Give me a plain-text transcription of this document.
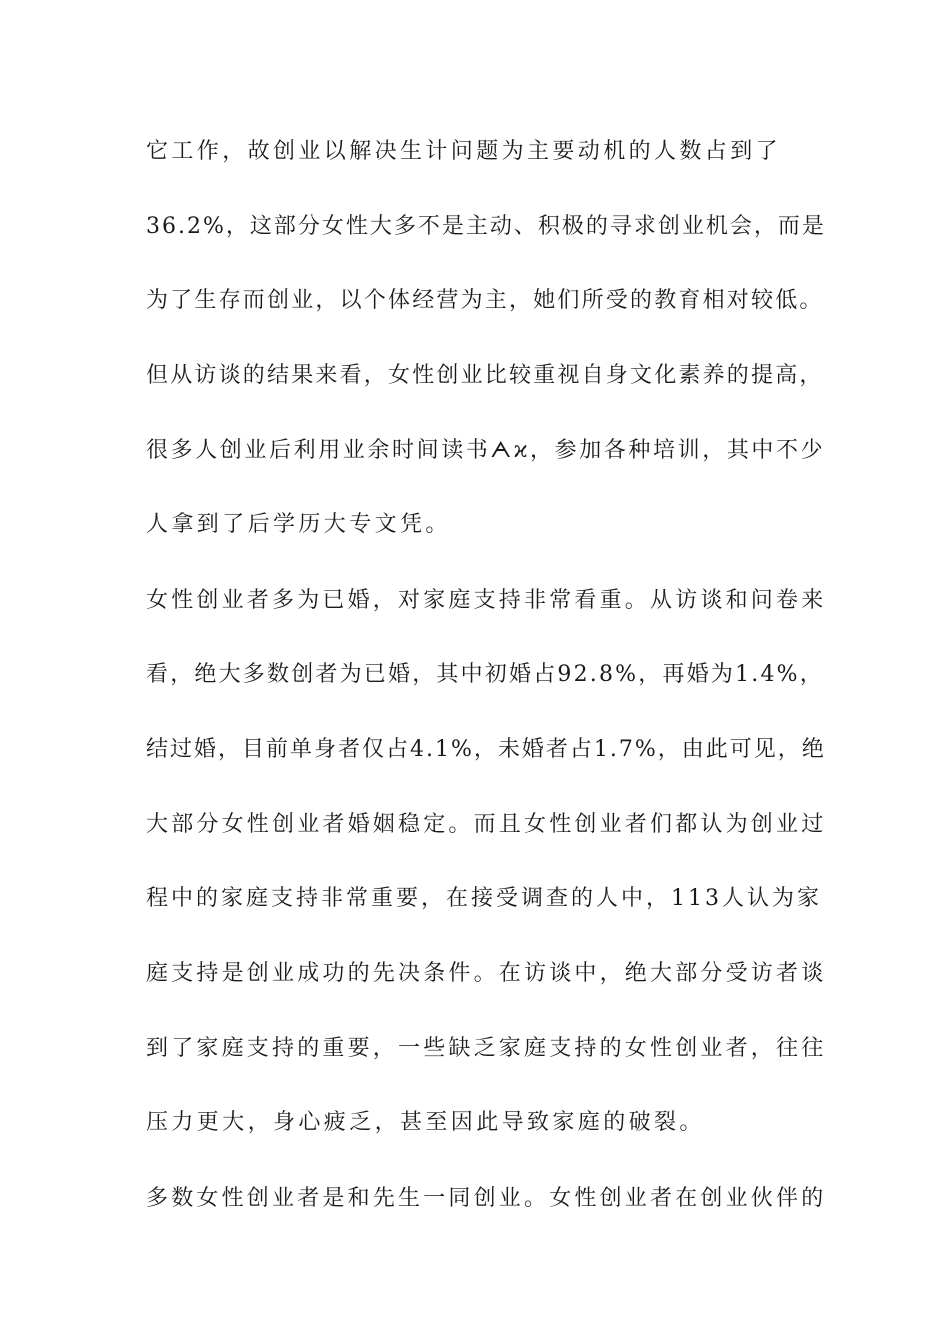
它工作，故创业以解决生计问题为主要动机的人数占到了
36.2%，这部分女性大多不是主动、积极的寻求创业机会，而是
为了生存而创业，以个体经营为主，她们所受的教育相对较低。
但从访谈的结果来看，女性创业比较重视自身文化素养的提高，
很多人创业后利用业余时间读书ᗅϰ，参加各种培训，其中不少
人拿到了后学历大专文凭。
女性创业者多为已婚，对家庭支持非常看重。从访谈和问卷来
看，绝大多数创者为已婚，其中初婚占92.8%，再婚为1.4%，
结过婚，目前单身者仅占4.1%，未婚者占1.7%，由此可见，绝
大部分女性创业者婚姻稳定。而且女性创业者们都认为创业过
程中的家庭支持非常重要，在接受调查的人中，113人认为家
庭支持是创业成功的先决条件。在访谈中，绝大部分受访者谈
到了家庭支持的重要，一些缺乏家庭支持的女性创业者，往往
压力更大，身心疲乏，甚至因此导致家庭的破裂。
多数女性创业者是和先生一同创业。女性创业者在创业伙伴的
